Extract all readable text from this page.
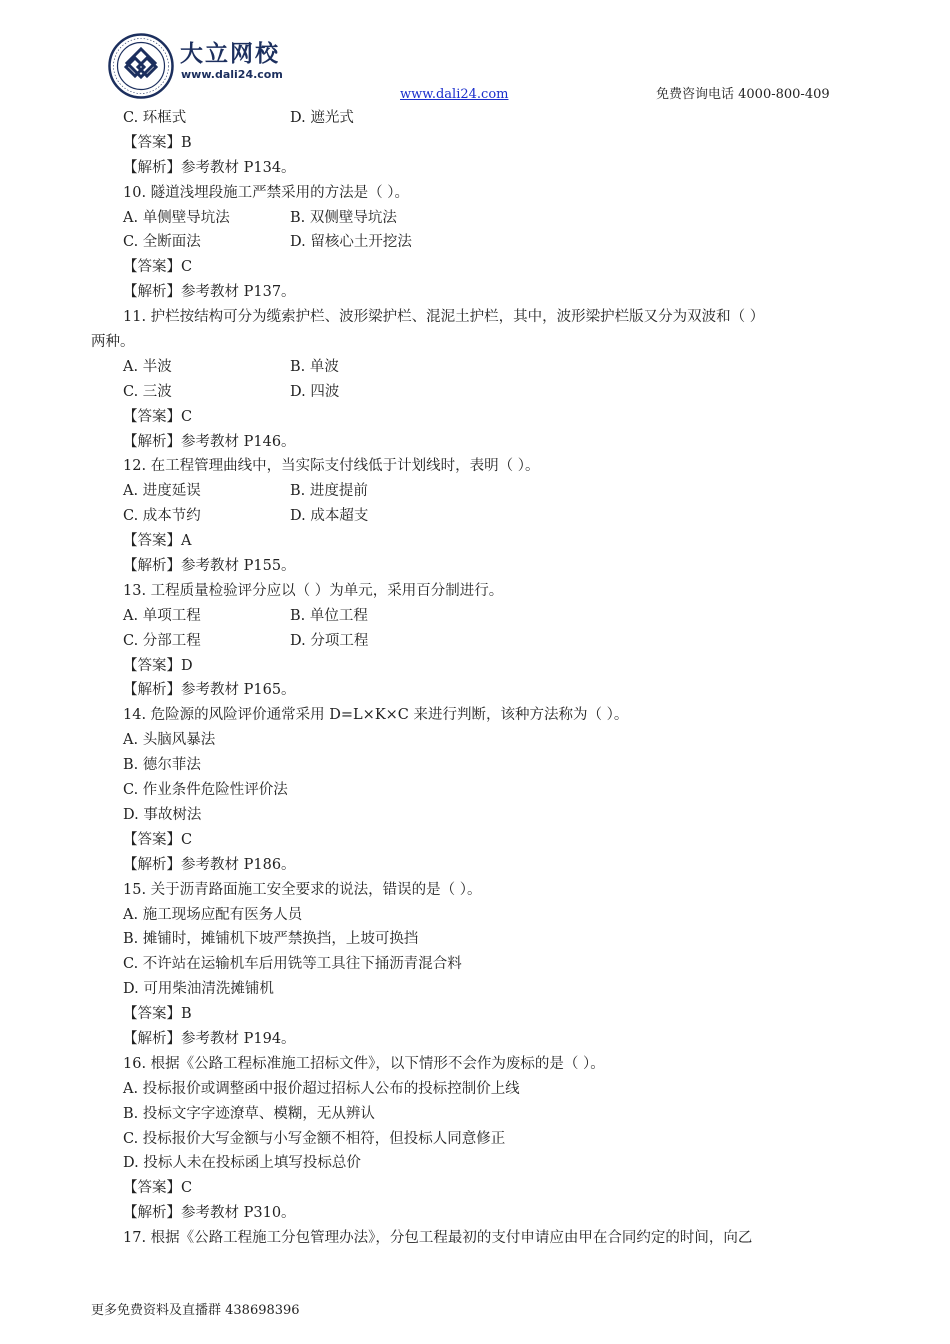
大立网校
www.dali24.com
www.dali24.com	免费咨询电话 4000-800-409
C. 环框式	D. 遮光式
【答案】B
【解析】参考教材 P134。
10. 隧道浅埋段施工严禁采用的方法是（ ）。
A. 单侧壁导坑法	B. 双侧壁导坑法
C. 全断面法	D. 留核心土开挖法
【答案】C
【解析】参考教材 P137。
11. 护栏按结构可分为缆索护栏、波形梁护栏、混泥土护栏，其中，波形梁护栏版又分为双波和（ ）
两种。
A. 半波	B. 单波
C. 三波	D. 四波
【答案】C
【解析】参考教材 P146。
12. 在工程管理曲线中，当实际支付线低于计划线时，表明（ ）。
A. 进度延误	B. 进度提前
C. 成本节约	D. 成本超支
【答案】A
【解析】参考教材 P155。
13. 工程质量检验评分应以（ ）为单元，采用百分制进行。
A. 单项工程	B. 单位工程
C. 分部工程	D. 分项工程
【答案】D
【解析】参考教材 P165。
14. 危险源的风险评价通常采用 D=L×K×C 来进行判断，该种方法称为（ ）。
A. 头脑风暴法
B. 德尔菲法
C. 作业条件危险性评价法
D. 事故树法
【答案】C
【解析】参考教材 P186。
15. 关于沥青路面施工安全要求的说法，错误的是（ ）。
A. 施工现场应配有医务人员
B. 摊铺时，摊铺机下坡严禁换挡，上坡可换挡
C. 不许站在运输机车后用铣等工具往下捅沥青混合料
D. 可用柴油清洗摊铺机
【答案】B
【解析】参考教材 P194。
16. 根据《公路工程标准施工招标文件》，以下情形不会作为废标的是（ ）。
A. 投标报价或调整函中报价超过招标人公布的投标控制价上线
B. 投标文字字迹潦草、模糊，无从辨认
C. 投标报价大写金额与小写金额不相符，但投标人同意修正
D. 投标人未在投标函上填写投标总价
【答案】C
【解析】参考教材 P310。
17. 根据《公路工程施工分包管理办法》，分包工程最初的支付申请应由甲在合同约定的时间，向乙
更多免费资料及直播群 438698396
